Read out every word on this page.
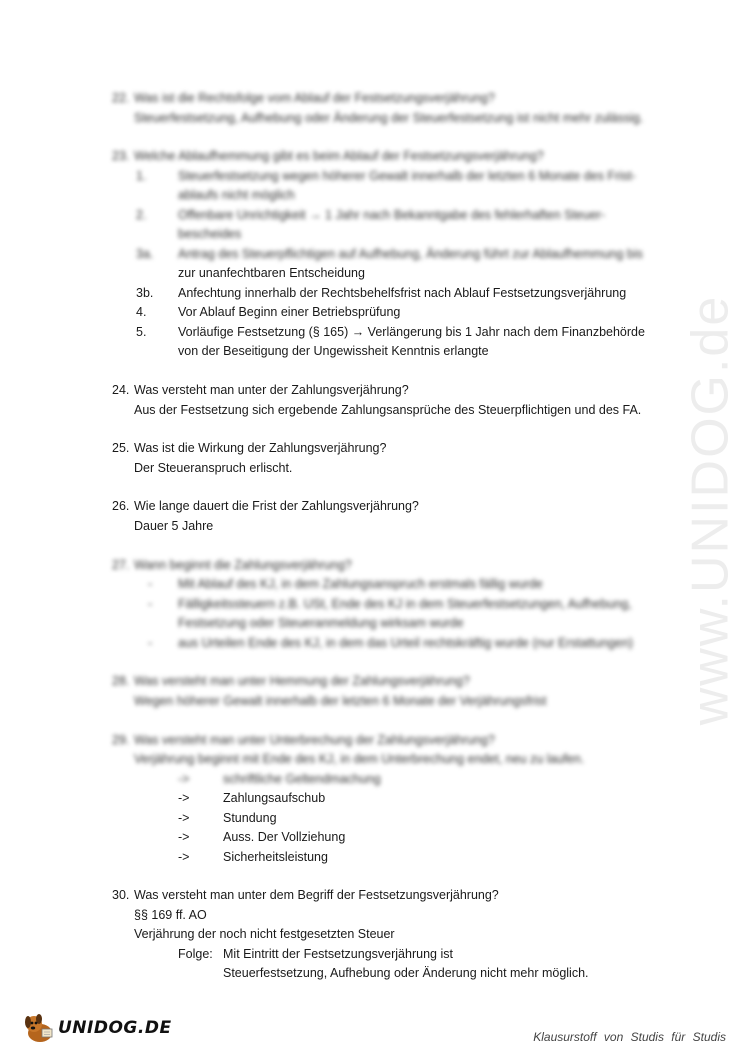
www.UNIDOG.de
22. Was ist die Rechtsfolge vom Ablauf der Festsetzungsverjährung?
Steuerfestsetzung, Aufhebung oder Änderung der Steuerfestsetzung ist nicht mehr zulässig.
23. Welche Ablaufhemmung gibt es beim Ablauf der Festsetzungsverjährung?
1.	Steuerfestsetzung wegen höherer Gewalt innerhalb der letzten 6 Monate des Frist-
ablaufs nicht möglich
2.	Offenbare Unrichtigkeit → 1 Jahr nach Bekanntgabe des fehlerhaften Steuer-
bescheides
3a. Antrag des Steuerpflichtigen auf Aufhebung, Änderung führt zur Ablaufhemmung bis
zur unanfechtbaren Entscheidung
3b. Anfechtung innerhalb der Rechtsbehelfsfrist nach Ablauf Festsetzungsverjährung
4.	Vor Ablauf Beginn einer Betriebsprüfung
5.	Vorläufige Festsetzung (§ 165) → Verlängerung bis 1 Jahr nach dem Finanzbehörde
von der Beseitigung der Ungewissheit Kenntnis erlangte
24. Was versteht man unter der Zahlungsverjährung?
Aus der Festsetzung sich ergebende Zahlungsansprüche des Steuerpflichtigen und des FA.
25. Was ist die Wirkung der Zahlungsverjährung?
Der Steueranspruch erlischt.
26. Wie lange dauert die Frist der Zahlungsverjährung?
Dauer 5 Jahre
27. Wann beginnt die Zahlungsverjährung?
- Mit Ablauf des KJ, in dem Zahlungsanspruch erstmals fällig wurde
- Fälligkeitssteuern z.B. USt, Ende des KJ in dem Steuerfestsetzungen, Aufhebung,
Festsetzung oder Steueranmeldung wirksam wurde
- aus Urteilen Ende des KJ, in dem das Urteil rechtskräftig wurde (nur Erstattungen)
28. Was versteht man unter Hemmung der Zahlungsverjährung?
Wegen höherer Gewalt innerhalb der letzten 6 Monate der Verjährungsfrist
29. Was versteht man unter Unterbrechung der Zahlungsverjährung?
Verjährung beginnt mit Ende des KJ, in dem Unterbrechung endet, neu zu laufen.
->	schriftliche Geltendmachung
->	Zahlungsaufschub
->	Stundung
->	Auss. Der Vollziehung
->	Sicherheitsleistung
30. Was versteht man unter dem Begriff der Festsetzungsverjährung?
§§ 169 ff. AO
Verjährung der noch nicht festgesetzten Steuer
Folge: Mit Eintritt der Festsetzungsverjährung ist
Steuerfestsetzung, Aufhebung oder Änderung nicht mehr möglich.
UNIDOG.DE	Klausurstoff von Studis für Studis
